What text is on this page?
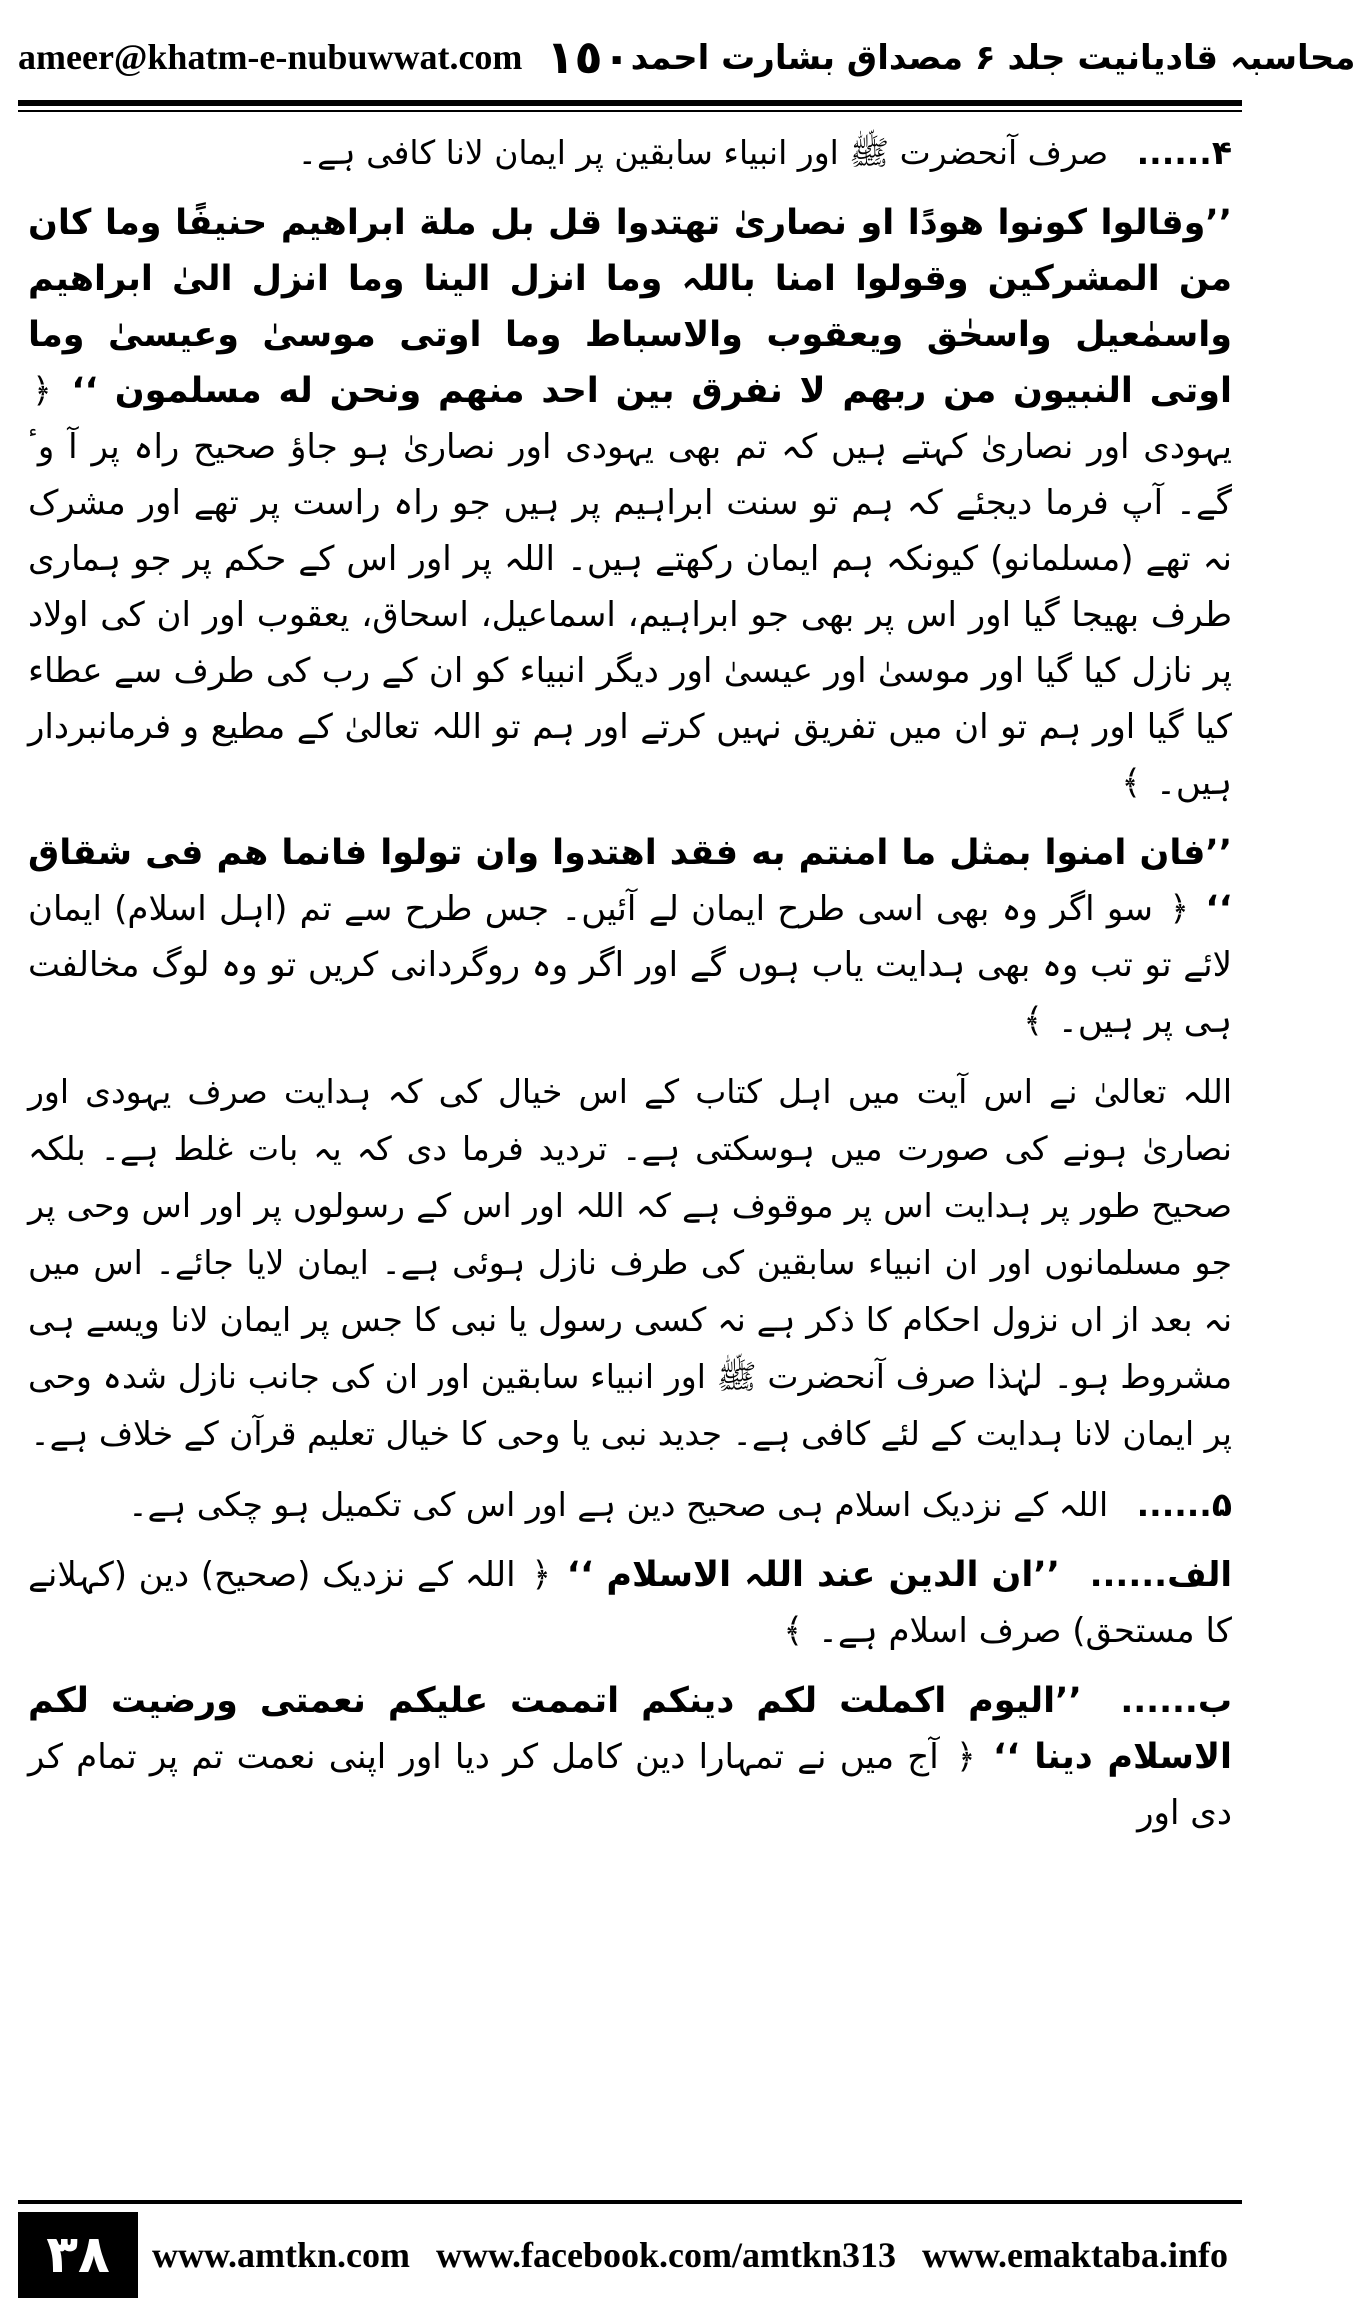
ameer@khatm-e-nubuwwat.com ١٥٠ محاسبہ قادیانیت جلد ۶ مصداق بشارت احمد

۴...... صرف آنحضرت ﷺ اور انبیاء سابقین پر ایمان لانا کافی ہے۔

’’وقالوا کونوا ھودًا او نصاریٰ تھتدوا قل بل ملة ابراھیم حنیفًا وما کان من المشرکین وقولوا امنا باللہ وما انزل الینا وما انزل الیٰ ابراھیم واسمٰعیل واسحٰق ویعقوب والاسباط وما اوتی موسیٰ وعیسیٰ وما اوتی النبیون من ربھم لا نفرق بین احد منھم ونحن له مسلمون ‘‘ ﴿ یہودی اور نصاریٰ کہتے ہیں کہ تم بھی یہودی اور نصاریٰ ہو جاؤ صحیح راہ پر آ وٴ گے۔ آپ فرما دیجئے کہ ہم تو سنت ابراہیم پر ہیں جو راہ راست پر تھے اور مشرک نہ تھے (مسلمانو) کیونکہ ہم ایمان رکھتے ہیں۔ اللہ پر اور اس کے حکم پر جو ہماری طرف بھیجا گیا اور اس پر بھی جو ابراہیم، اسماعیل، اسحاق، یعقوب اور ان کی اولاد پر نازل کیا گیا اور موسیٰ اور عیسیٰ اور دیگر انبیاء کو ان کے رب کی طرف سے عطاء کیا گیا اور ہم تو ان میں تفریق نہیں کرتے اور ہم تو اللہ تعالیٰ کے مطیع و فرمانبردار ہیں۔ ﴾

’’فان امنوا بمثل ما امنتم به فقد اھتدوا وان تولوا فانما ھم فی شقاق ‘‘ ﴿ سو اگر وہ بھی اسی طرح ایمان لے آئیں۔ جس طرح سے تم (اہل اسلام) ایمان لائے تو تب وہ بھی ہدایت یاب ہوں گے اور اگر وہ روگردانی کریں تو وہ لوگ مخالفت ہی پر ہیں۔ ﴾

اللہ تعالیٰ نے اس آیت میں اہل کتاب کے اس خیال کی کہ ہدایت صرف یہودی اور نصاریٰ ہونے کی صورت میں ہوسکتی ہے۔ تردید فرما دی کہ یہ بات غلط ہے۔ بلکہ صحیح طور پر ہدایت اس پر موقوف ہے کہ اللہ اور اس کے رسولوں پر اور اس وحی پر جو مسلمانوں اور ان انبیاء سابقین کی طرف نازل ہوئی ہے۔ ایمان لایا جائے۔ اس میں نہ بعد از اں نزول احکام کا ذکر ہے نہ کسی رسول یا نبی کا جس پر ایمان لانا ویسے ہی مشروط ہو۔ لہٰذا صرف آنحضرت ﷺ اور انبیاء سابقین اور ان کی جانب نازل شدہ وحی پر ایمان لانا ہدایت کے لئے کافی ہے۔ جدید نبی یا وحی کا خیال تعلیم قرآن کے خلاف ہے۔

۵...... اللہ کے نزدیک اسلام ہی صحیح دین ہے اور اس کی تکمیل ہو چکی ہے۔

الف...... ’’ان الدین عند اللہ الاسلام ‘‘ ﴿ اللہ کے نزدیک (صحیح) دین (کہلانے کا مستحق) صرف اسلام ہے۔ ﴾

ب...... ’’الیوم اکملت لکم دینکم اتممت علیکم نعمتی ورضیت لکم الاسلام دینا ‘‘ ﴿ آج میں نے تمہارا دین کامل کر دیا اور اپنی نعمت تم پر تمام کر دی اور

٣٨	www.amtkn.com www.facebook.com/amtkn313 www.emaktaba.info
